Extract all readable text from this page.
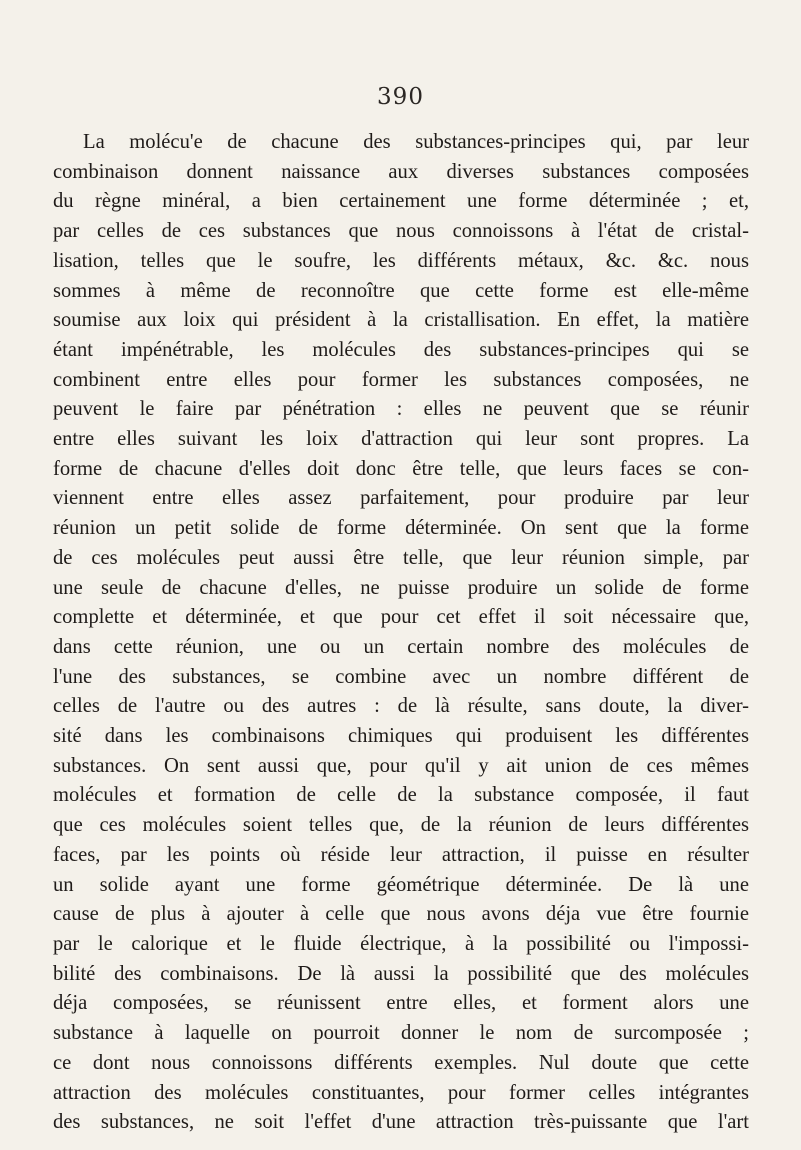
390
La molécu'e de chacune des substances-principes qui, par leur
combinaison donnent naissance aux diverses substances composées
du règne minéral, a bien certainement une forme déterminée ; et,
par celles de ces substances que nous connoissons à l'état de cristal-
lisation, telles que le soufre, les différents métaux, &c. &c. nous
sommes à même de reconnoître que cette forme est elle-même
soumise aux loix qui président à la cristallisation. En effet, la matière
étant impénétrable, les molécules des substances-principes qui se
combinent entre elles pour former les substances composées, ne
peuvent le faire par pénétration : elles ne peuvent que se réunir
entre elles suivant les loix d'attraction qui leur sont propres. La
forme de chacune d'elles doit donc être telle, que leurs faces se con-
viennent entre elles assez parfaitement, pour produire par leur
réunion un petit solide de forme déterminée. On sent que la forme
de ces molécules peut aussi être telle, que leur réunion simple, par
une seule de chacune d'elles, ne puisse produire un solide de forme
complette et déterminée, et que pour cet effet il soit nécessaire que,
dans cette réunion, une ou un certain nombre des molécules de
l'une des substances, se combine avec un nombre différent de
celles de l'autre ou des autres : de là résulte, sans doute, la diver-
sité dans les combinaisons chimiques qui produisent les différentes
substances. On sent aussi que, pour qu'il y ait union de ces mêmes
molécules et formation de celle de la substance composée, il faut
que ces molécules soient telles que, de la réunion de leurs différentes
faces, par les points où réside leur attraction, il puisse en résulter
un solide ayant une forme géométrique déterminée. De là une
cause de plus à ajouter à celle que nous avons déja vue être fournie
par le calorique et le fluide électrique, à la possibilité ou l'impossi-
bilité des combinaisons. De là aussi la possibilité que des molécules
déja composées, se réunissent entre elles, et forment alors une
substance à laquelle on pourroit donner le nom de surcomposée ;
ce dont nous connoissons différents exemples. Nul doute que cette
attraction des molécules constituantes, pour former celles intégrantes
des substances, ne soit l'effet d'une attraction très-puissante que l'art
